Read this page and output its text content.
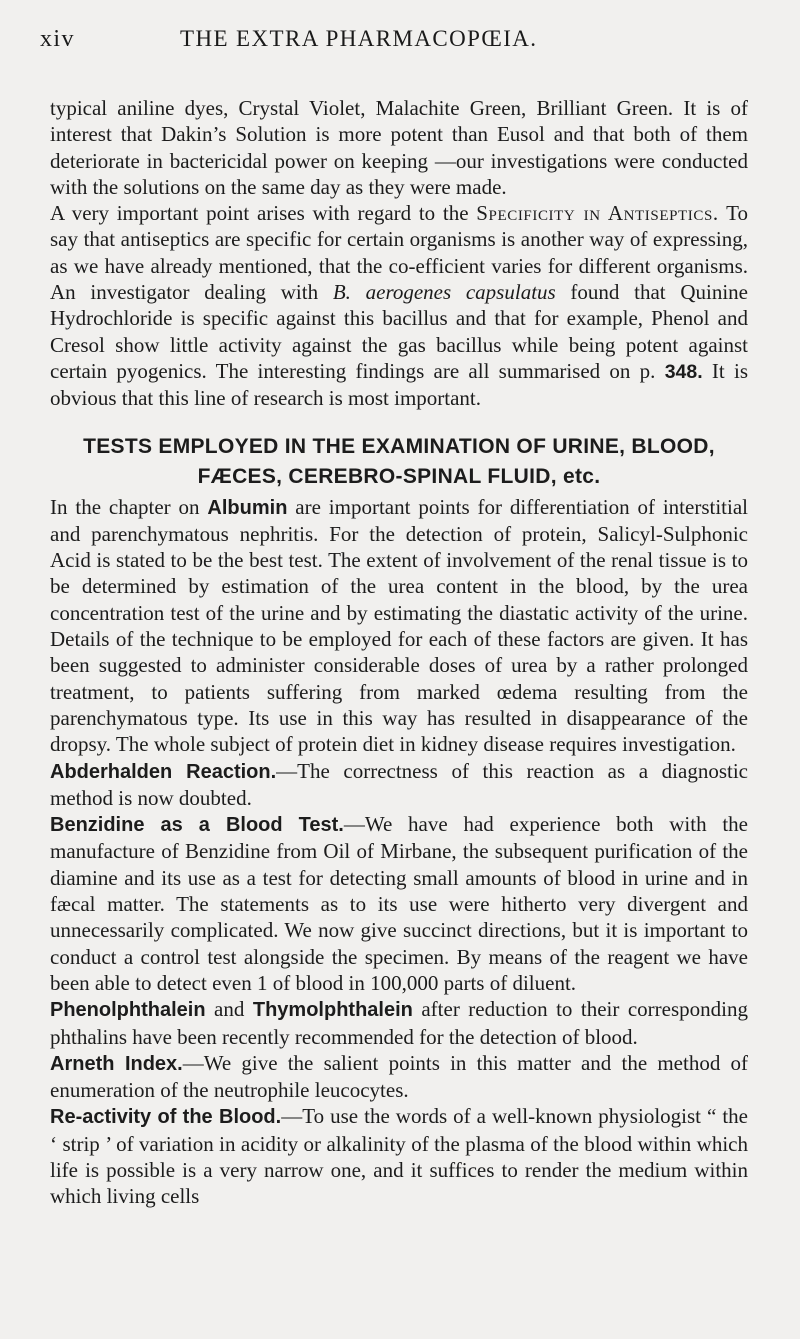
xiv	THE EXTRA PHARMACOPŒIA.

typical aniline dyes, Crystal Violet, Malachite Green, Brilliant Green. It is of interest that Dakin’s Solution is more potent than Eusol and that both of them deteriorate in bactericidal power on keeping —our investigations were conducted with the solutions on the same day as they were made.

A very important point arises with regard to the Specificity in Antiseptics. To say that antiseptics are specific for certain organisms is another way of expressing, as we have already mentioned, that the co-efficient varies for different organisms. An investigator dealing with B. aerogenes capsulatus found that Quinine Hydrochloride is specific against this bacillus and that for example, Phenol and Cresol show little activity against the gas bacillus while being potent against certain pyogenics. The interesting findings are all summarised on p. 348. It is obvious that this line of research is most important.

TESTS EMPLOYED IN THE EXAMINATION OF URINE, BLOOD, FÆCES, CEREBRO-SPINAL FLUID, etc.

In the chapter on Albumin are important points for differentiation of interstitial and parenchymatous nephritis. For the detection of protein, Salicyl-Sulphonic Acid is stated to be the best test. The extent of involvement of the renal tissue is to be determined by estimation of the urea content in the blood, by the urea concentration test of the urine and by estimating the diastatic activity of the urine. Details of the technique to be employed for each of these factors are given. It has been suggested to administer considerable doses of urea by a rather prolonged treatment, to patients suffering from marked œdema resulting from the parenchymatous type. Its use in this way has resulted in disappearance of the dropsy. The whole subject of protein diet in kidney disease requires investigation.

Abderhalden Reaction.—The correctness of this reaction as a diagnostic method is now doubted.

Benzidine as a Blood Test.—We have had experience both with the manufacture of Benzidine from Oil of Mirbane, the subsequent purification of the diamine and its use as a test for detecting small amounts of blood in urine and in fæcal matter. The statements as to its use were hitherto very divergent and unnecessarily complicated. We now give succinct directions, but it is important to conduct a control test alongside the specimen. By means of the reagent we have been able to detect even 1 of blood in 100,000 parts of diluent.

Phenolphthalein and Thymolphthalein after reduction to their corresponding phthalins have been recently recommended for the detection of blood.

Arneth Index.—We give the salient points in this matter and the method of enumeration of the neutrophile leucocytes.

Re-activity of the Blood.—To use the words of a well-known physiologist “ the ‘ strip ’ of variation in acidity or alkalinity of the plasma of the blood within which life is possible is a very narrow one, and it suffices to render the medium within which living cells
